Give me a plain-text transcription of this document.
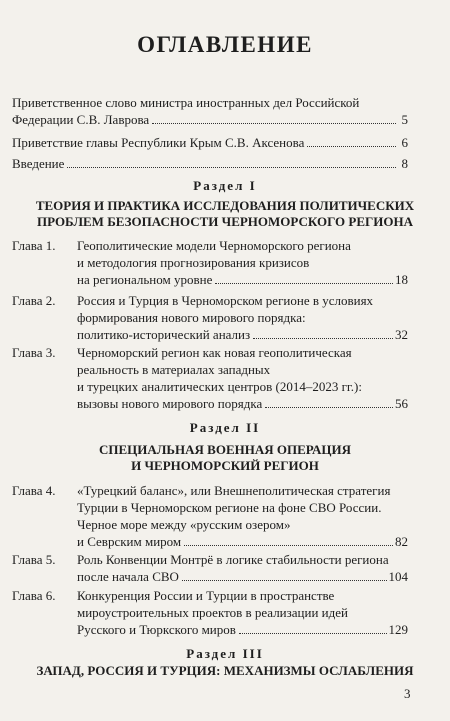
ОГЛАВЛЕНИЕ
Приветственное слово министра иностранных дел Российской
Федерации С.В. Лаврова	5
Приветствие главы Республики Крым С.В. Аксенова	6
Введение	8
Раздел I
ТЕОРИЯ И ПРАКТИКА ИССЛЕДОВАНИЯ ПОЛИТИЧЕСКИХ
ПРОБЛЕМ БЕЗОПАСНОСТИ ЧЕРНОМОРСКОГО РЕГИОНА
Глава 1. Геополитические модели Черноморского региона
и методология прогнозирования кризисов
на региональном уровне	18
Глава 2. Россия и Турция в Черноморском регионе в условиях
формирования нового мирового порядка:
политико-исторический анализ	32
Глава 3. Черноморский регион как новая геополитическая
реальность в материалах западных
и турецких аналитических центров (2014–2023 гг.):
вызовы нового мирового порядка	56
Раздел II
СПЕЦИАЛЬНАЯ ВОЕННАЯ ОПЕРАЦИЯ
И ЧЕРНОМОРСКИЙ РЕГИОН
Глава 4. «Турецкий баланс», или Внешнеполитическая стратегия
Турции в Черноморском регионе на фоне СВО России.
Черное море между «русским озером»
и Севрским миром	82
Глава 5. Роль Конвенции Монтрё в логике стабильности региона
после начала СВО	104
Глава 6. Конкуренция России и Турции в пространстве
мироустроительных проектов в реализации идей
Русского и Тюркского миров	129
Раздел III
ЗАПАД, РОССИЯ И ТУРЦИЯ: МЕХАНИЗМЫ ОСЛАБЛЕНИЯ
3
